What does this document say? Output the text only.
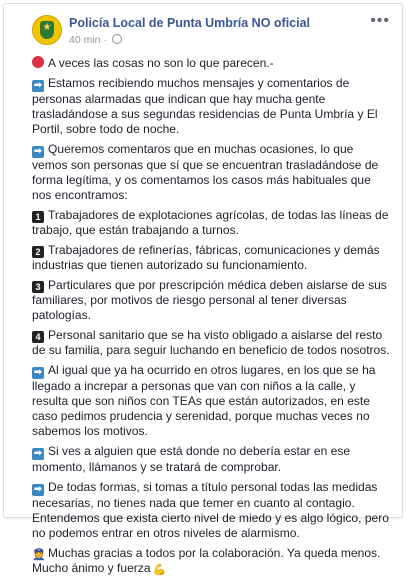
★	Policía Local de Punta Umbría NO oficial
40 min ·
•••

A veces las cosas no son lo que parecen.-

➡ Estamos recibiendo muchos mensajes y comentarios de personas alarmadas que indican que hay mucha gente trasladándose a sus segundas residencias de Punta Umbría y El Portil, sobre todo de noche.

➡ Queremos comentaros que en muchas ocasiones, lo que vemos son personas que sí que se encuentran trasladándose de forma legítima, y os comentamos los casos más habituales que nos encontramos:

1 Trabajadores de explotaciones agrícolas, de todas las líneas de trabajo, que están trabajando a turnos.

2 Trabajadores de refinerías, fábricas, comunicaciones y demás industrias que tienen autorizado su funcionamiento.

3 Particulares que por prescripción médica deben aislarse de sus familiares, por motivos de riesgo personal al tener diversas patologías.

4 Personal sanitario que se ha visto obligado a aislarse del resto de su familia, para seguir luchando en beneficio de todos nosotros.

➡ Al igual que ya ha ocurrido en otros lugares, en los que se ha llegado a increpar a personas que van con niños a la calle, y resulta que son niños con TEAs que están autorizados, en este caso pedimos prudencia y serenidad, porque muchas veces no sabemos los motivos.

➡ Si ves a alguien que está donde no debería estar en ese momento, llámanos y se tratará de comprobar.

➡ De todas formas, si tomas a título personal todas las medidas necesarias, no tienes nada que temer en cuanto al contagio. Entendemos que exista cierto nivel de miedo y es algo lógico, pero no podemos entrar en otros niveles de alarmismo.

👮 Muchas gracias a todos por la colaboración. Ya queda menos. Mucho ánimo y fuerza 💪
